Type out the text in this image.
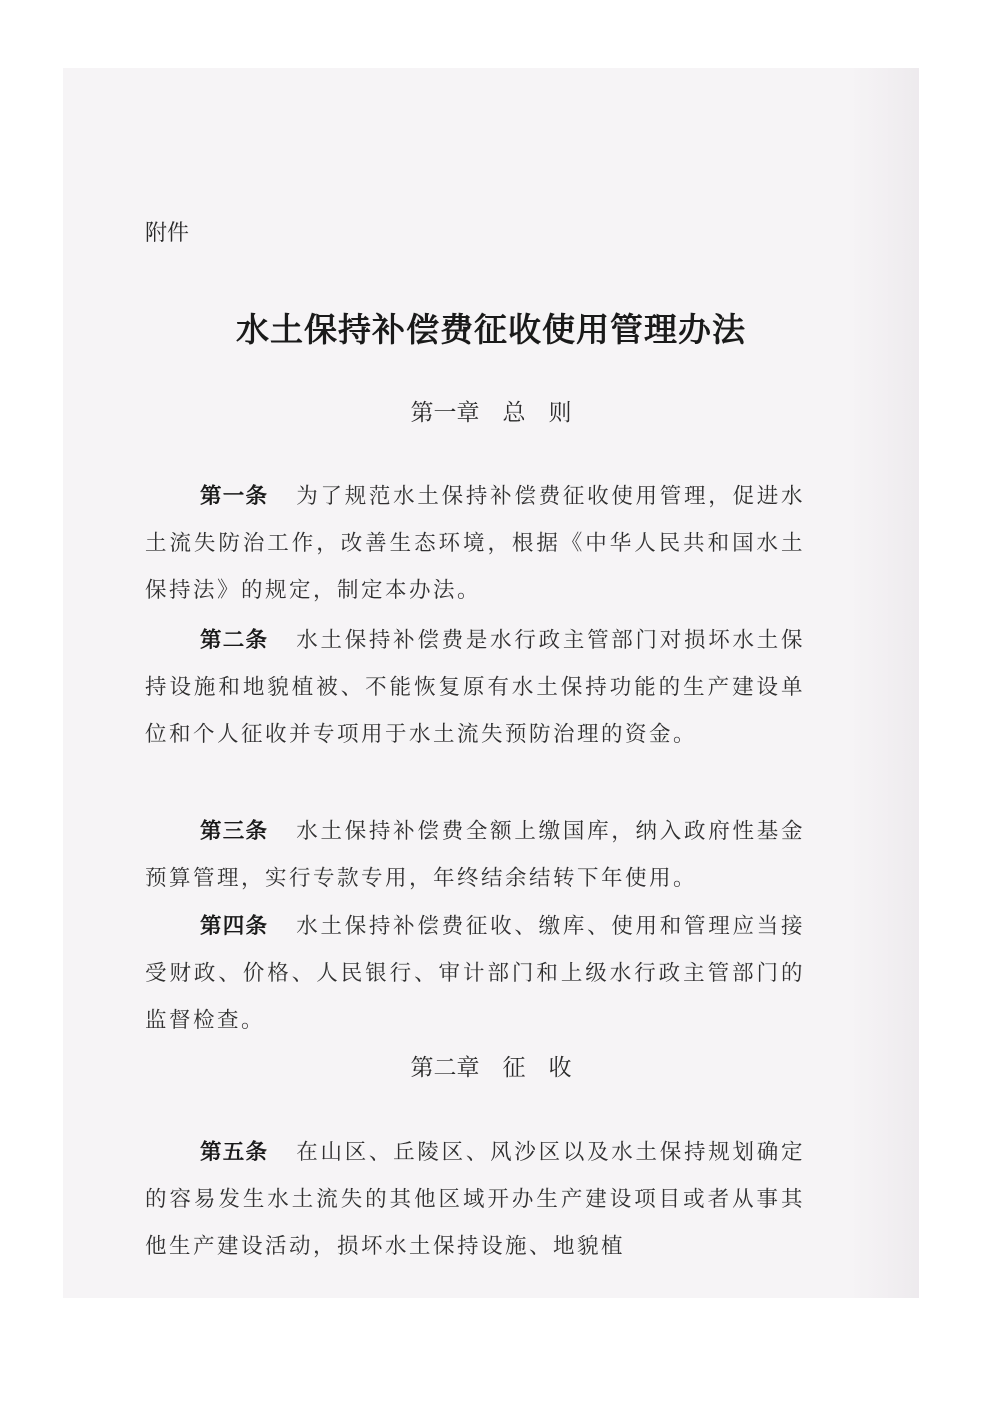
附件
水土保持补偿费征收使用管理办法
第一章　总　则

第一条 为了规范水土保持补偿费征收使用管理，促进水土流失防治工作，改善生态环境，根据《中华人民共和国水土保持法》的规定，制定本办法。

第二条 水土保持补偿费是水行政主管部门对损坏水土保持设施和地貌植被、不能恢复原有水土保持功能的生产建设单位和个人征收并专项用于水土流失预防治理的资金。

第三条 水土保持补偿费全额上缴国库，纳入政府性基金预算管理，实行专款专用，年终结余结转下年使用。

第四条 水土保持补偿费征收、缴库、使用和管理应当接受财政、价格、人民银行、审计部门和上级水行政主管部门的监督检查。

第二章　征　收

第五条 在山区、丘陵区、风沙区以及水土保持规划确定的容易发生水土流失的其他区域开办生产建设项目或者从事其他生产建设活动，损坏水土保持设施、地貌植
